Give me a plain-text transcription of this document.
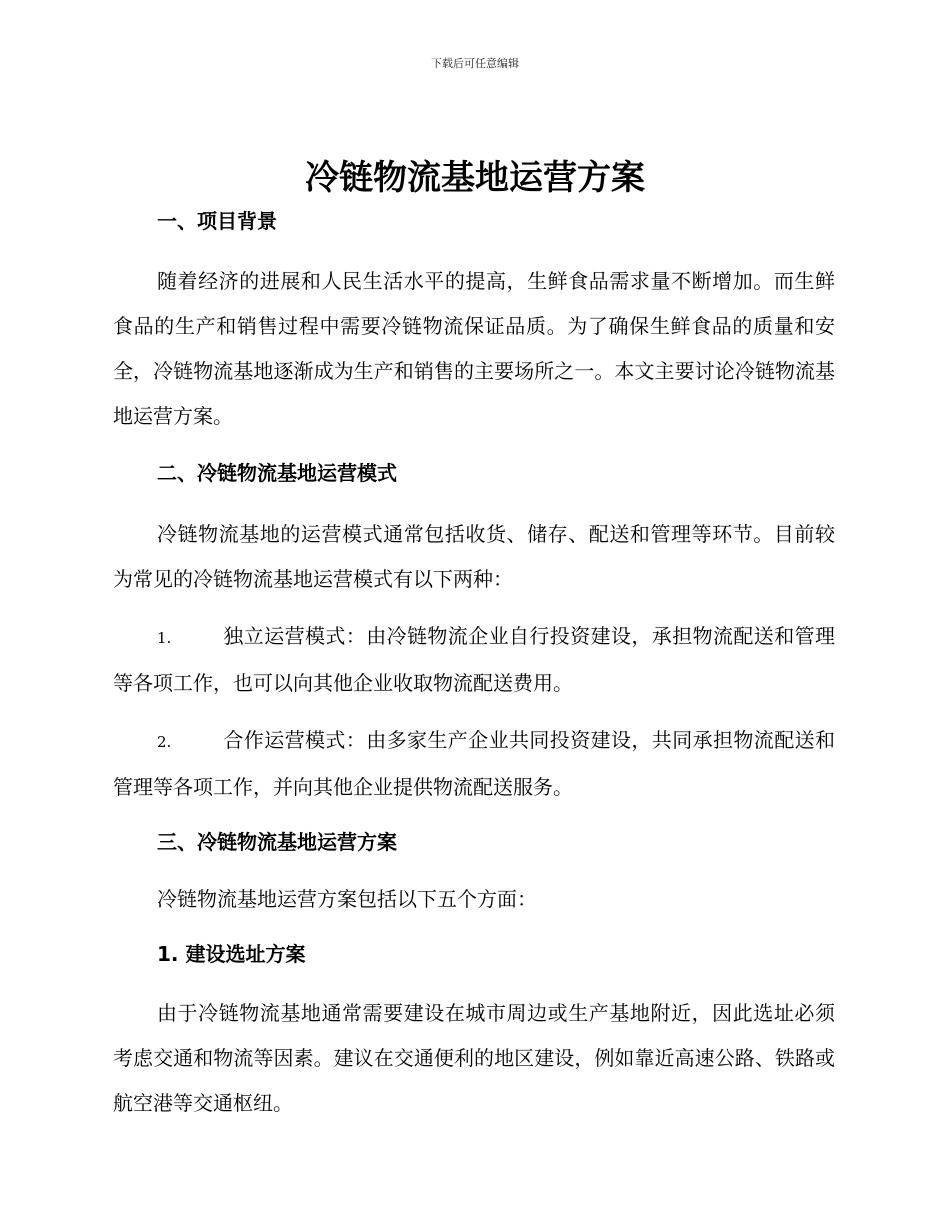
下载后可任意编辑
冷链物流基地运营方案

一、项目背景

随着经济的进展和人民生活水平的提高，生鲜食品需求量不断增加。而生鲜食品的生产和销售过程中需要冷链物流保证品质。为了确保生鲜食品的质量和安全，冷链物流基地逐渐成为生产和销售的主要场所之一。本文主要讨论冷链物流基地运营方案。

二、冷链物流基地运营模式

冷链物流基地的运营模式通常包括收货、储存、配送和管理等环节。目前较为常见的冷链物流基地运营模式有以下两种：

1.	独立运营模式：由冷链物流企业自行投资建设，承担物流配送和管理等各项工作，也可以向其他企业收取物流配送费用。

2.	合作运营模式：由多家生产企业共同投资建设，共同承担物流配送和管理等各项工作，并向其他企业提供物流配送服务。

三、冷链物流基地运营方案

冷链物流基地运营方案包括以下五个方面：

1. 建设选址方案

由于冷链物流基地通常需要建设在城市周边或生产基地附近，因此选址必须考虑交通和物流等因素。建议在交通便利的地区建设，例如靠近高速公路、铁路或航空港等交通枢纽。
